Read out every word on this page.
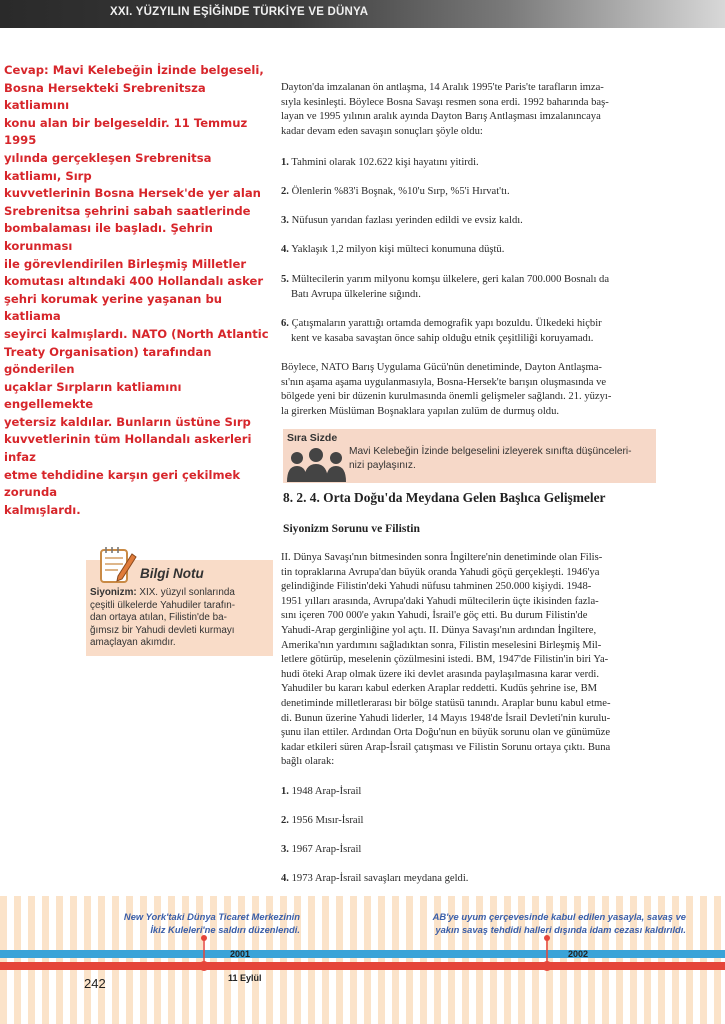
XXI. YÜZYILIN EŞİĞİNDE TÜRKİYE VE DÜNYA
Cevap: Mavi Kelebeğin İzinde belgeseli,
Bosna Hersekteki Srebrenitsza katliamını
konu alan bir belgeseldir. 11 Temmuz 1995
yılında gerçekleşen Srebrenitsa katliamı, Sırp
kuvvetlerinin Bosna Hersek'de yer alan
Srebrenitsa şehrini sabah saatlerinde
bombalaması ile başladı. Şehrin korunması
ile görevlendirilen Birleşmiş Milletler
komutası altındaki 400 Hollandalı asker
şehri korumak yerine yaşanan bu katliama
seyirci kalmışlardı. NATO (North Atlantic
Treaty Organisation) tarafından gönderilen
uçaklar Sırpların katliamını engellemekte
yetersiz kaldılar. Bunların üstüne Sırp
kuvvetlerinin tüm Hollandalı askerleri infaz
etme tehdidine karşın geri çekilmek zorunda
kalmışlardı.
Dayton'da imzalanan ön antlaşma, 14 Aralık 1995'te Paris'te tarafların imza-
sıyla kesinleşti. Böylece Bosna Savaşı resmen sona erdi. 1992 baharında baş-
layan ve 1995 yılının aralık ayında Dayton Barış Antlaşması imzalanıncaya
kadar devam eden savaşın sonuçları şöyle oldu:
1. Tahmini olarak 102.622 kişi hayatını yitirdi.
2. Ölenlerin %83'i Boşnak, %10'u Sırp, %5'i Hırvat'tı.
3. Nüfusun yarıdan fazlası yerinden edildi ve evsiz kaldı.
4. Yaklaşık 1,2 milyon kişi mülteci konumuna düştü.
5. Mültecilerin yarım milyonu komşu ülkelere, geri kalan 700.000 Bosnalı da
Batı Avrupa ülkelerine sığındı.
6. Çatışmaların yarattığı ortamda demografik yapı bozuldu. Ülkedeki hiçbir
kent ve kasaba savaştan önce sahip olduğu etnik çeşitliliği koruyamadı.
Böylece, NATO Barış Uygulama Gücü'nün denetiminde, Dayton Antlaşma-
sı'nın aşama aşama uygulanmasıyla, Bosna-Hersek'te barışın oluşmasında ve
bölgede yeni bir düzenin kurulmasında önemli gelişmeler sağlandı. 21. yüzyı-
la girerken Müslüman Boşnaklara yapılan zulüm de durmuş oldu.
Sıra Sizde
Mavi Kelebeğin İzinde belgeselini izleyerek sınıfta düşünceleri-
nizi paylaşınız.
8. 2. 4. Orta Doğu'da Meydana Gelen Başlıca Gelişmeler
Siyonizm Sorunu ve Filistin
II. Dünya Savaşı'nın bitmesinden sonra İngiltere'nin denetiminde olan Filis-
tin topraklarına Avrupa'dan büyük oranda Yahudi göçü gerçekleşti. 1946'ya
gelindiğinde Filistin'deki Yahudi nüfusu tahminen 250.000 kişiydi. 1948-
1951 yılları arasında, Avrupa'daki Yahudi mültecilerin üçte ikisinden fazla-
sını içeren 700 000'e yakın Yahudi, İsrail'e göç etti. Bu durum Filistin'de
Yahudi-Arap gerginliğine yol açtı. II. Dünya Savaşı'nın ardından İngiltere,
Amerika'nın yardımını sağladıktan sonra, Filistin meselesini Birleşmiş Mil-
letlere götürüp, meselenin çözülmesini istedi. BM, 1947'de Filistin'in biri Ya-
hudi öteki Arap olmak üzere iki devlet arasında paylaşılmasına karar verdi.
Yahudiler bu kararı kabul ederken Araplar reddetti. Kudüs şehrine ise, BM
denetiminde milletlerarası bir bölge statüsü tanındı. Araplar bunu kabul etme-
di. Bunun üzerine Yahudi liderler, 14 Mayıs 1948'de İsrail Devleti'nin kurulu-
şunu ilan ettiler. Ardından Orta Doğu'nun en büyük sorunu olan ve günümüze
kadar etkileri süren Arap-İsrail çatışması ve Filistin Sorunu ortaya çıktı. Buna
bağlı olarak:
1. 1948 Arap-İsrail
2. 1956 Mısır-İsrail
3. 1967 Arap-İsrail
4. 1973 Arap-İsrail savaşları meydana geldi.
Bilgi Notu
Siyonizm: XIX. yüzyıl sonlarında
çeşitli ülkelerde Yahudiler tarafın-
dan ortaya atılan, Filistin'de ba-
ğımsız bir Yahudi devleti kurmayı
amaçlayan akımdır.
New York'taki Dünya Ticaret Merkezinin
İkiz Kuleleri'ne saldırı düzenlendi.
AB'ye uyum çerçevesinde kabul edilen yasayla, savaş ve
yakın savaş tehdidi halleri dışında idam cezası kaldırıldı.
2001	2002
11 Eylül
242
